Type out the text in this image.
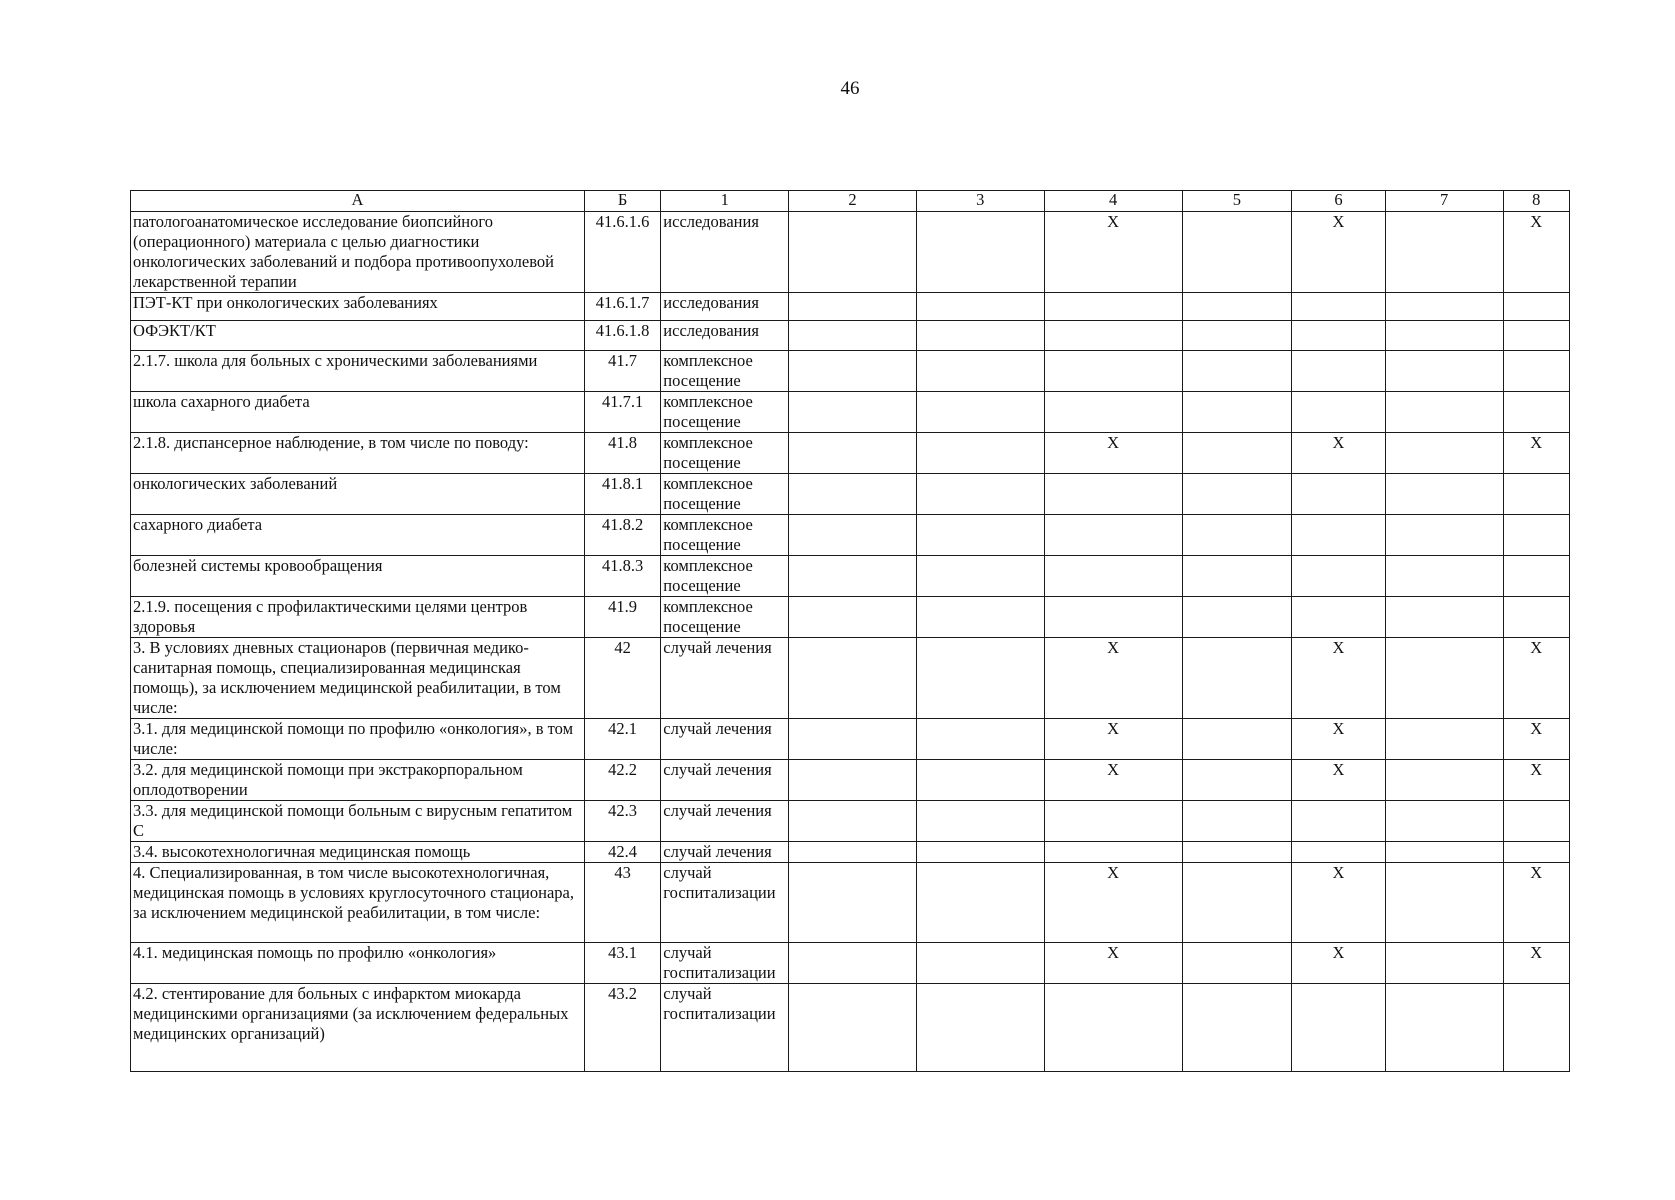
46
А	Б	1	2	3	4	5	6	7	8
патологоанатомическое исследование биопсийного (операционного) материала с целью диагностики онкологических заболеваний и подбора противоопухолевой лекарственной терапии	41.6.1.6	исследования			Х		Х		Х
ПЭТ-КТ при онкологических заболеваниях	41.6.1.7	исследования							
ОФЭКТ/КТ	41.6.1.8	исследования							
2.1.7. школа для больных с хроническими заболеваниями	41.7	комплексное посещение							
школа сахарного диабета	41.7.1	комплексное посещение							
2.1.8. диспансерное наблюдение, в том числе по поводу:	41.8	комплексное посещение			Х		Х		Х
онкологических заболеваний	41.8.1	комплексное посещение							
сахарного диабета	41.8.2	комплексное посещение							
болезней системы кровообращения	41.8.3	комплексное посещение							
2.1.9. посещения с профилактическими целями центров здоровья	41.9	комплексное посещение							
3. В условиях дневных стационаров (первичная медико-санитарная помощь, специализированная медицинская помощь), за исключением медицинской реабилитации, в том числе:	42	случай лечения			Х		Х		Х
3.1. для медицинской помощи по профилю «онкология», в том числе:	42.1	случай лечения			Х		Х		Х
3.2. для медицинской помощи при экстракорпоральном оплодотворении	42.2	случай лечения			Х		Х		Х
3.3. для медицинской помощи больным с вирусным гепатитом С	42.3	случай лечения							
3.4. высокотехнологичная медицинская помощь	42.4	случай лечения							
4. Специализированная, в том числе высокотехнологичная, медицинская помощь в условиях круглосуточного стационара, за исключением медицинской реабилитации, в том числе:	43	случай госпитализации			Х		Х		Х
4.1. медицинская помощь по профилю «онкология»	43.1	случай госпитализации			Х		Х		Х
4.2. стентирование для больных с инфарктом миокарда медицинскими организациями (за исключением федеральных медицинских организаций)	43.2	случай госпитализации							
